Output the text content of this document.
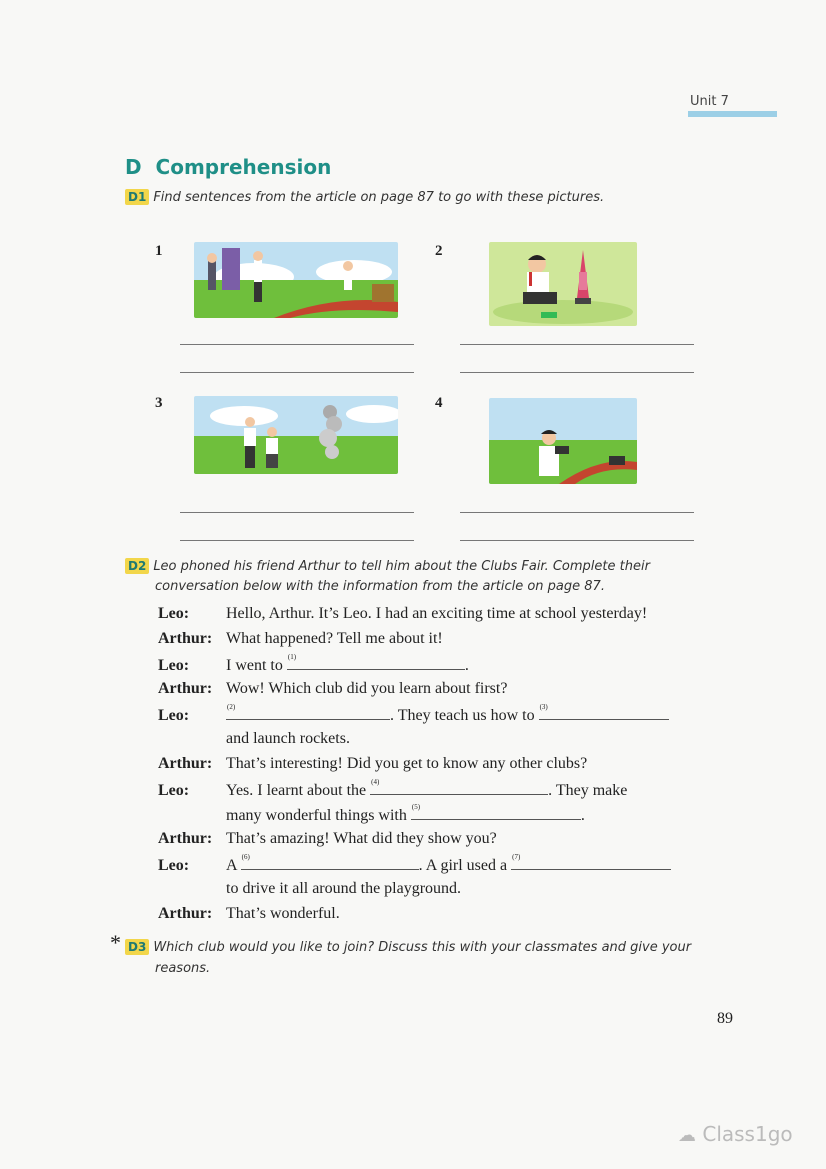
Unit 7
D Comprehension
D1 Find sentences from the article on page 87 to go with these pictures.
1	2
3	4
D2 Leo phoned his friend Arthur to tell him about the Clubs Fair. Complete their
conversation below with the information from the article on page 87.
Leo: Hello, Arthur. It’s Leo. I had an exciting time at school yesterday!
Arthur: What happened? Tell me about it!
Leo: I went to (1)	.
Arthur: Wow! Which club did you learn about first?
Leo:	(2)	. They teach us how to (3)
and launch rockets.
Arthur: That’s interesting! Did you get to know any other clubs?
Leo: Yes. I learnt about the (4)	. They make
many wonderful things with (5)	.
Arthur: That’s amazing! What did they show you?
Leo: A (6)	. A girl used a (7)
to drive it all around the playground.
Arthur: That’s wonderful.
* D3 Which club would you like to join? Discuss this with your classmates and give your
reasons.
89
☁ Class1go
